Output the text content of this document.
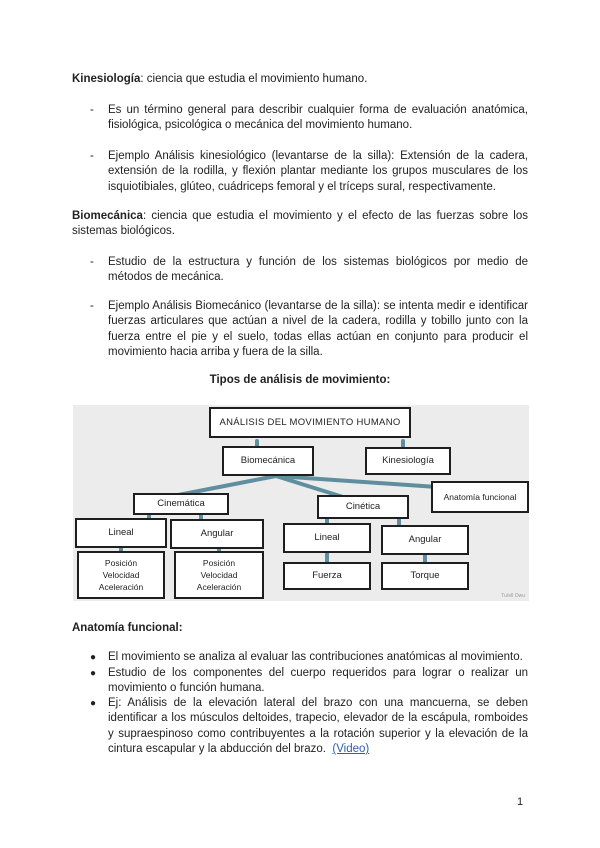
Kinesiología: ciencia que estudia el movimiento humano.
- Es un término general para describir cualquier forma de evaluación anatómica, fisiológica, psicológica o mecánica del movimiento humano.
- Ejemplo Análisis kinesiológico (levantarse de la silla): Extensión de la cadera, extensión de la rodilla, y flexión plantar mediante los grupos musculares de los isquiotibiales, glúteo, cuádriceps femoral y el tríceps sural, respectivamente.
Biomecánica: ciencia que estudia el movimiento y el efecto de las fuerzas sobre los sistemas biológicos.
- Estudio de la estructura y función de los sistemas biológicos por medio de métodos de mecánica.
- Ejemplo Análisis Biomecánico (levantarse de la silla): se intenta medir e identificar fuerzas articulares que actúan a nivel de la cadera, rodilla y tobillo junto con la fuerza entre el pie y el suelo, todas ellas actúan en conjunto para producir el movimiento hacia arriba y fuera de la silla.
Tipos de análisis de movimiento:
ANÁLISIS DEL MOVIMIENTO HUMANO
Biomecánica	Kinesiología
Anatomía funcional
Cinemática	Cinética
Lineal	Angular	Lineal	Angular
Posición
Velocidad
Aceleración
Posición
Velocidad
Aceleración
Fuerza	Torque
Tu/ell Owu
Anatomía funcional:
● El movimiento se analiza al evaluar las contribuciones anatómicas al movimiento.
● Estudio de los componentes del cuerpo requeridos para lograr o realizar un movimiento o función humana.
● Ej: Análisis de la elevación lateral del brazo con una mancuerna, se deben identificar a los músculos deltoides, trapecio, elevador de la escápula, romboides y supraespinoso como contribuyentes a la rotación superior y la elevación de la cintura escapular y la abducción del brazo. (Video)
1
